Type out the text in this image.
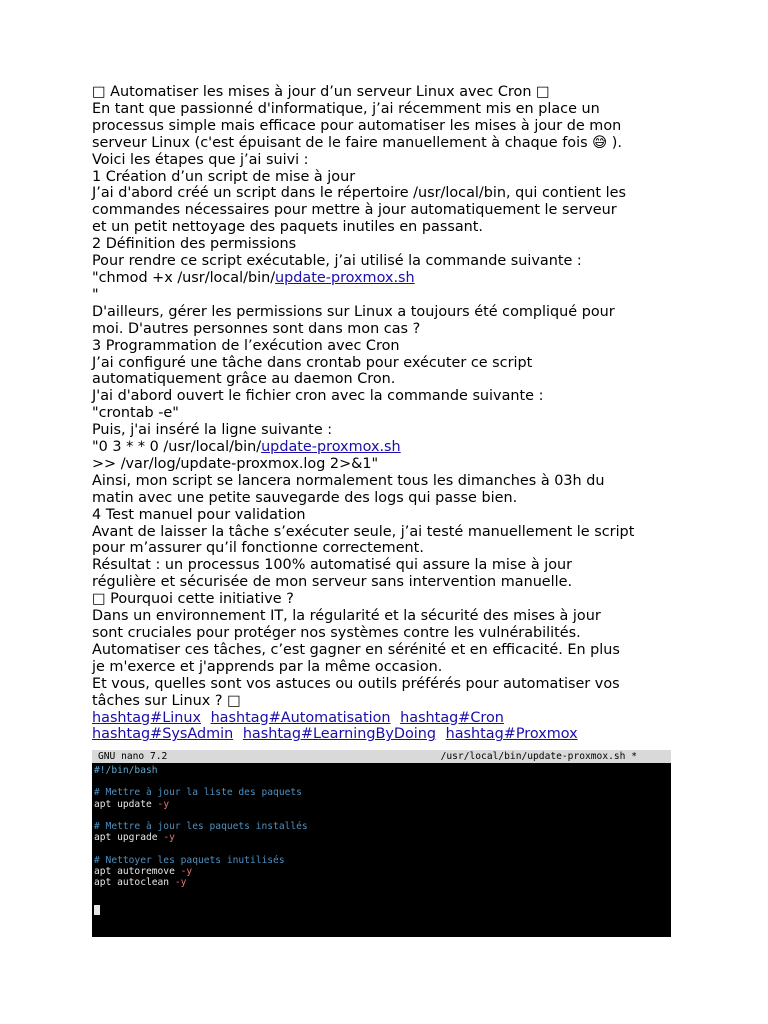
□ Automatiser les mises à jour d’un serveur Linux avec Cron □
En tant que passionné d'informatique, j’ai récemment mis en place un
processus simple mais efficace pour automatiser les mises à jour de mon
serveur Linux (c'est épuisant de le faire manuellement à chaque fois 😅 ).
Voici les étapes que j’ai suivi :
1 Création d’un script de mise à jour
J’ai d'abord créé un script dans le répertoire /usr/local/bin, qui contient les
commandes nécessaires pour mettre à jour automatiquement le serveur
et un petit nettoyage des paquets inutiles en passant.
2 Définition des permissions
Pour rendre ce script exécutable, j’ai utilisé la commande suivante :
"chmod +x /usr/local/bin/update-proxmox.sh
"
D'ailleurs, gérer les permissions sur Linux a toujours été compliqué pour
moi. D'autres personnes sont dans mon cas ?
3 Programmation de l’exécution avec Cron
J’ai configuré une tâche dans crontab pour exécuter ce script
automatiquement grâce au daemon Cron.
J'ai d'abord ouvert le fichier cron avec la commande suivante :
"crontab -e"
Puis, j'ai inséré la ligne suivante :
"0 3 * * 0 /usr/local/bin/update-proxmox.sh
>> /var/log/update-proxmox.log 2>&1"
Ainsi, mon script se lancera normalement tous les dimanches à 03h du
matin avec une petite sauvegarde des logs qui passe bien.
4 Test manuel pour validation
Avant de laisser la tâche s’exécuter seule, j’ai testé manuellement le script
pour m’assurer qu’il fonctionne correctement.
Résultat : un processus 100% automatisé qui assure la mise à jour
régulière et sécurisée de mon serveur sans intervention manuelle.
□ Pourquoi cette initiative ?
Dans un environnement IT, la régularité et la sécurité des mises à jour
sont cruciales pour protéger nos systèmes contre les vulnérabilités.
Automatiser ces tâches, c’est gagner en sérénité et en efficacité. En plus
je m'exerce et j'apprends par la même occasion.
Et vous, quelles sont vos astuces ou outils préférés pour automatiser vos
tâches sur Linux ? □
hashtag#Linux hashtag#Automatisation hashtag#Cron
hashtag#SysAdmin hashtag#LearningByDoing hashtag#Proxmox
GNU nano 7.2	/usr/local/bin/update-proxmox.sh *
#!/bin/bash
# Mettre à jour la liste des paquets
apt update -y
# Mettre à jour les paquets installés
apt upgrade -y
# Nettoyer les paquets inutilisés
apt autoremove -y
apt autoclean -y
